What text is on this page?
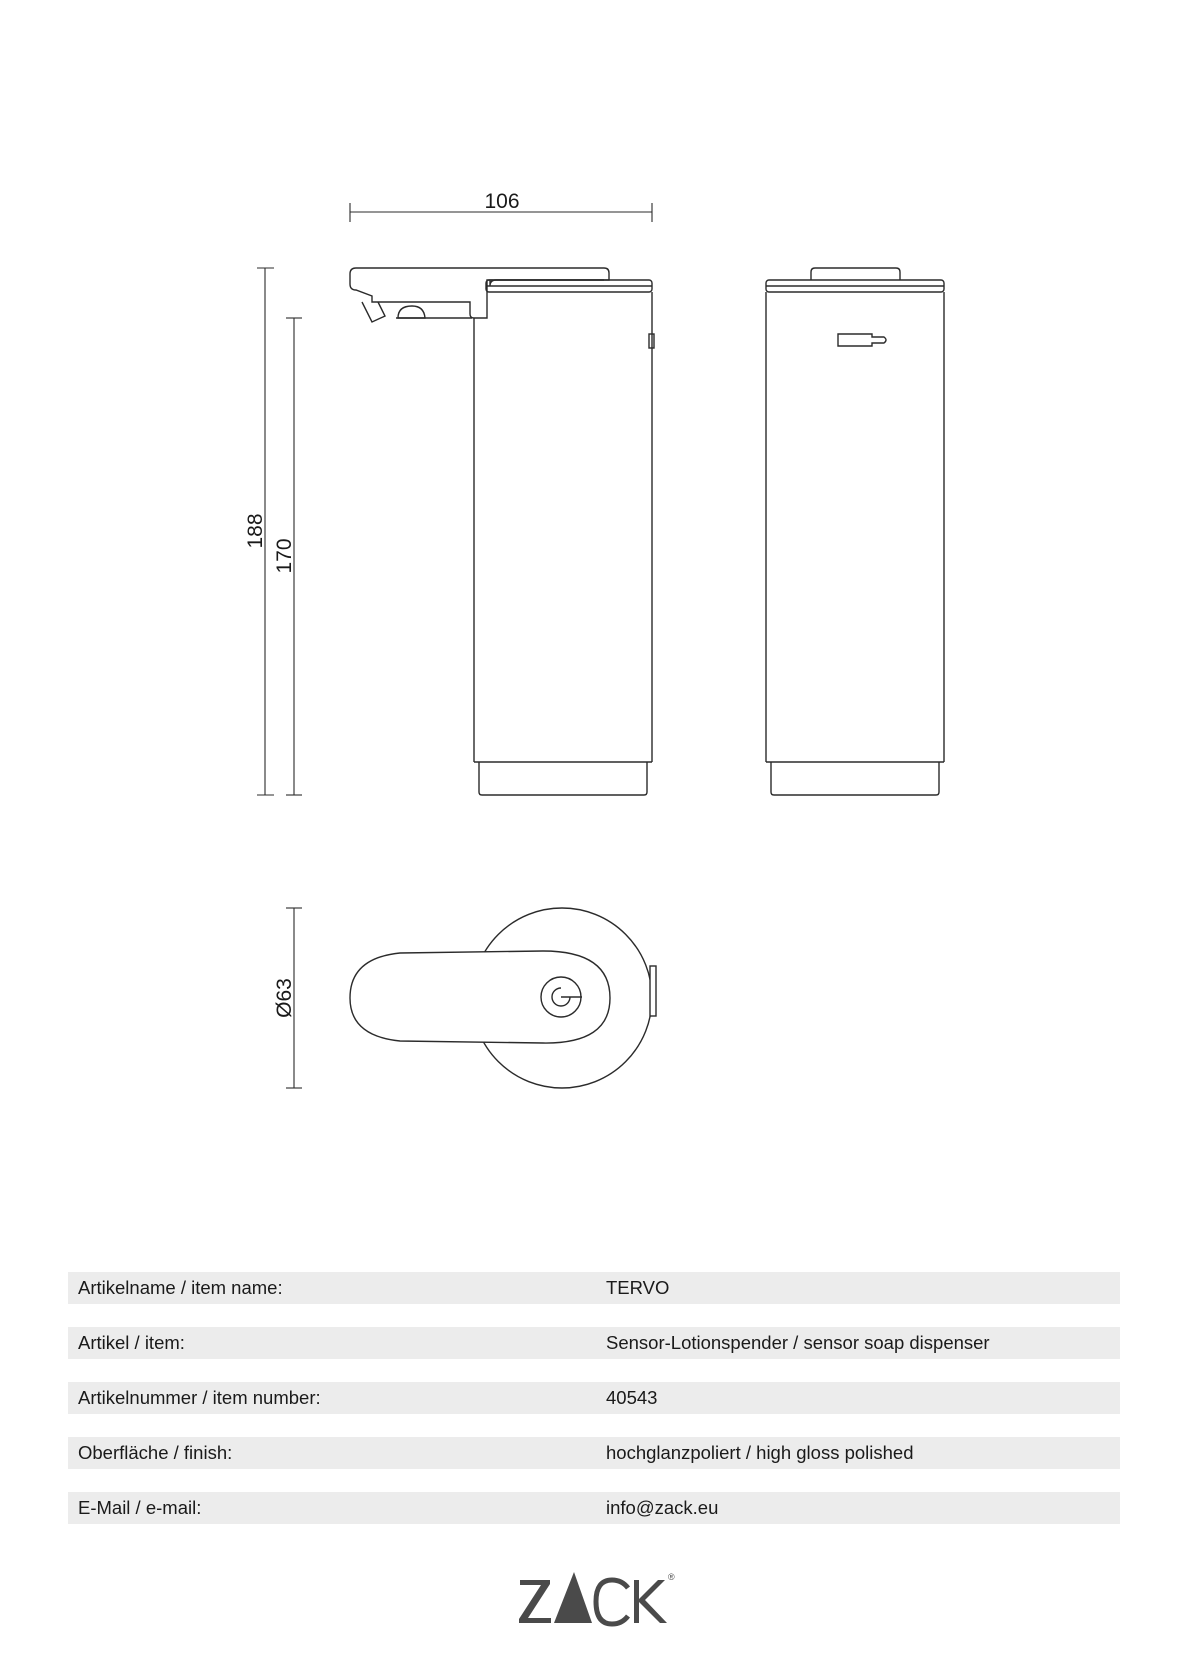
106
188
170
Ø63
Artikelname / item name:	TERVO
Artikel / item:	Sensor-Lotionspender / sensor soap dispenser
Artikelnummer / item number:	40543
Oberfläche / finish:	hochglanzpoliert / high gloss polished
E-Mail / e-mail:	info@zack.eu
®
